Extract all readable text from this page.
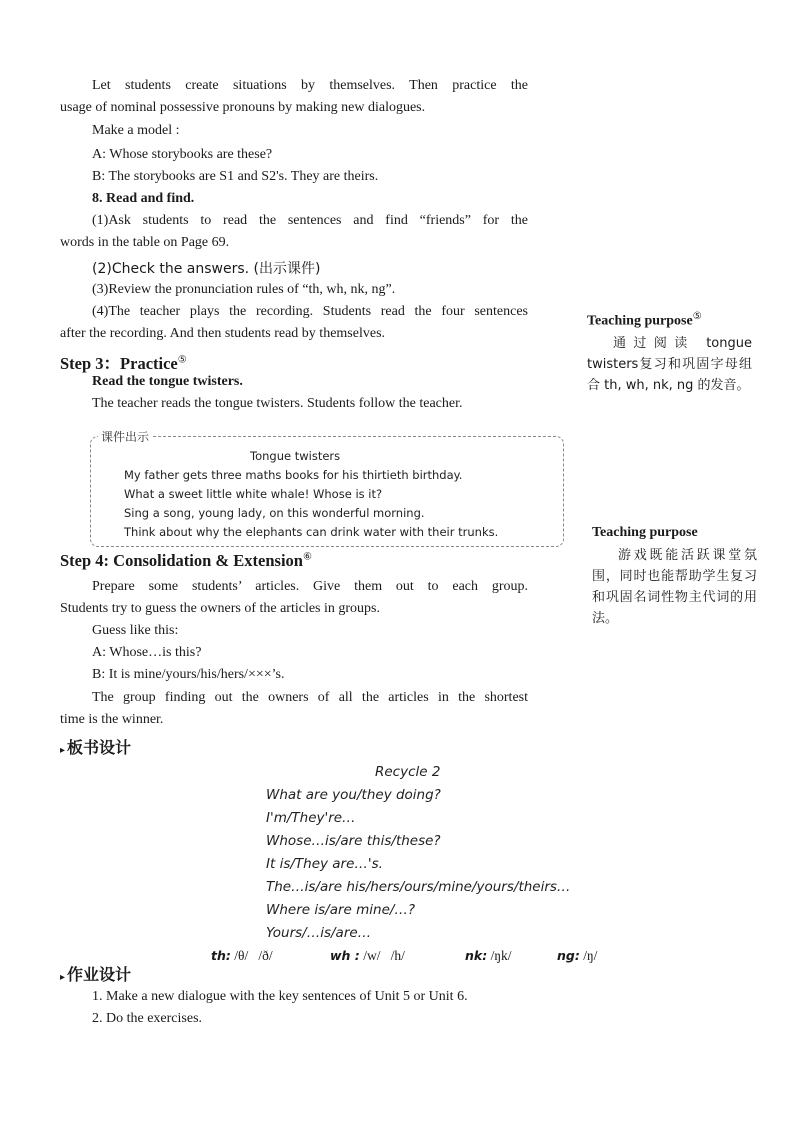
Let students create situations by themselves. Then practice the
usage of nominal possessive pronouns by making new dialogues.
Make a model :
A: Whose storybooks are these?
B: The storybooks are S1 and S2's. They are theirs.
8. Read and find.
(1)Ask students to read the sentences and find “friends” for the
words in the table on Page 69.
(2)Check the answers. (出示课件)
(3)Review the pronunciation rules of “th, wh, nk, ng”.
(4)The teacher plays the recording. Students read the four sentences
after the recording. And then students read by themselves.
Step 3：Practice⑤
Read the tongue twisters.
The teacher reads the tongue twisters. Students follow the teacher.
课件出示
Tongue twisters
My father gets three maths books for his thirtieth birthday.
What a sweet little white whale! Whose is it?
Sing a song, young lady, on this wonderful morning.
Think about why the elephants can drink water with their trunks.
Step 4: Consolidation & Extension⑥
Prepare some students’ articles. Give them out to each group.
Students try to guess the owners of the articles in groups.
Guess like this:
A: Whose…is this?
B: It is mine/yours/his/hers/×××’s.
The group finding out the owners of all the articles in the shortest
time is the winner.
Teaching purpose⑤
通过阅读 tongue twisters复习和巩固字母组合 th, wh, nk, ng 的发音。
Teaching purpose
游戏既能活跃课堂氛围，同时也能帮助学生复习和巩固名词性物主代词的用法。
▸ 板书设计
Recycle 2
What are you/they doing?
I'm/They're…
Whose…is/are this/these?
It is/They are…'s.
The…is/are his/hers/ours/mine/yours/theirs…
Where is/are mine/…?
Yours/…is/are…
th: /θ/   /ð/	wh : /w/   /h/	nk: /ŋk/	ng: /ŋ/
▸ 作业设计
1. Make a new dialogue with the key sentences of Unit 5 or Unit 6.
2. Do the exercises.
